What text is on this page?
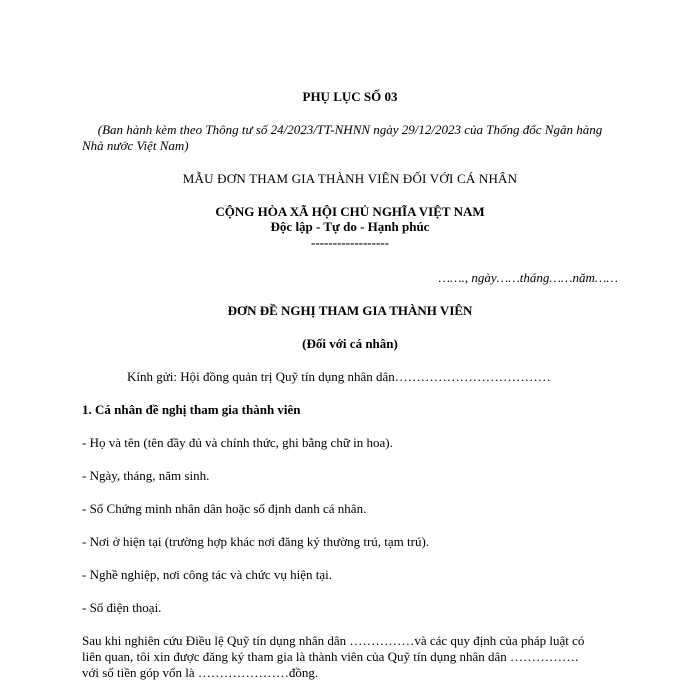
PHỤ LỤC SỐ 03
(Ban hành kèm theo Thông tư số 24/2023/TT-NHNN ngày 29/12/2023 của Thống đốc Ngân hàng
Nhà nước Việt Nam)
MẪU ĐƠN THAM GIA THÀNH VIÊN ĐỐI VỚI CÁ NHÂN
CỘNG HÒA XÃ HỘI CHỦ NGHĨA VIỆT NAM
Độc lập - Tự do - Hạnh phúc
------------------
……., ngày……tháng……năm……
ĐƠN ĐỀ NGHỊ THAM GIA THÀNH VIÊN
(Đối với cá nhân)
Kính gửi: Hội đồng quản trị Quỹ tín dụng nhân dân………………………………
1. Cá nhân đề nghị tham gia thành viên
- Họ và tên (tên đầy đủ và chính thức, ghi bằng chữ in hoa).
- Ngày, tháng, năm sinh.
- Số Chứng minh nhân dân hoặc số định danh cá nhân.
- Nơi ở hiện tại (trường hợp khác nơi đăng ký thường trú, tạm trú).
- Nghề nghiệp, nơi công tác và chức vụ hiện tại.
- Số điện thoại.
Sau khi nghiên cứu Điều lệ Quỹ tín dụng nhân dân ……………và các quy định của pháp luật có
liên quan, tôi xin được đăng ký tham gia là thành viên của Quỹ tín dụng nhân dân …………….
với số tiền góp vốn là …………………đồng.
